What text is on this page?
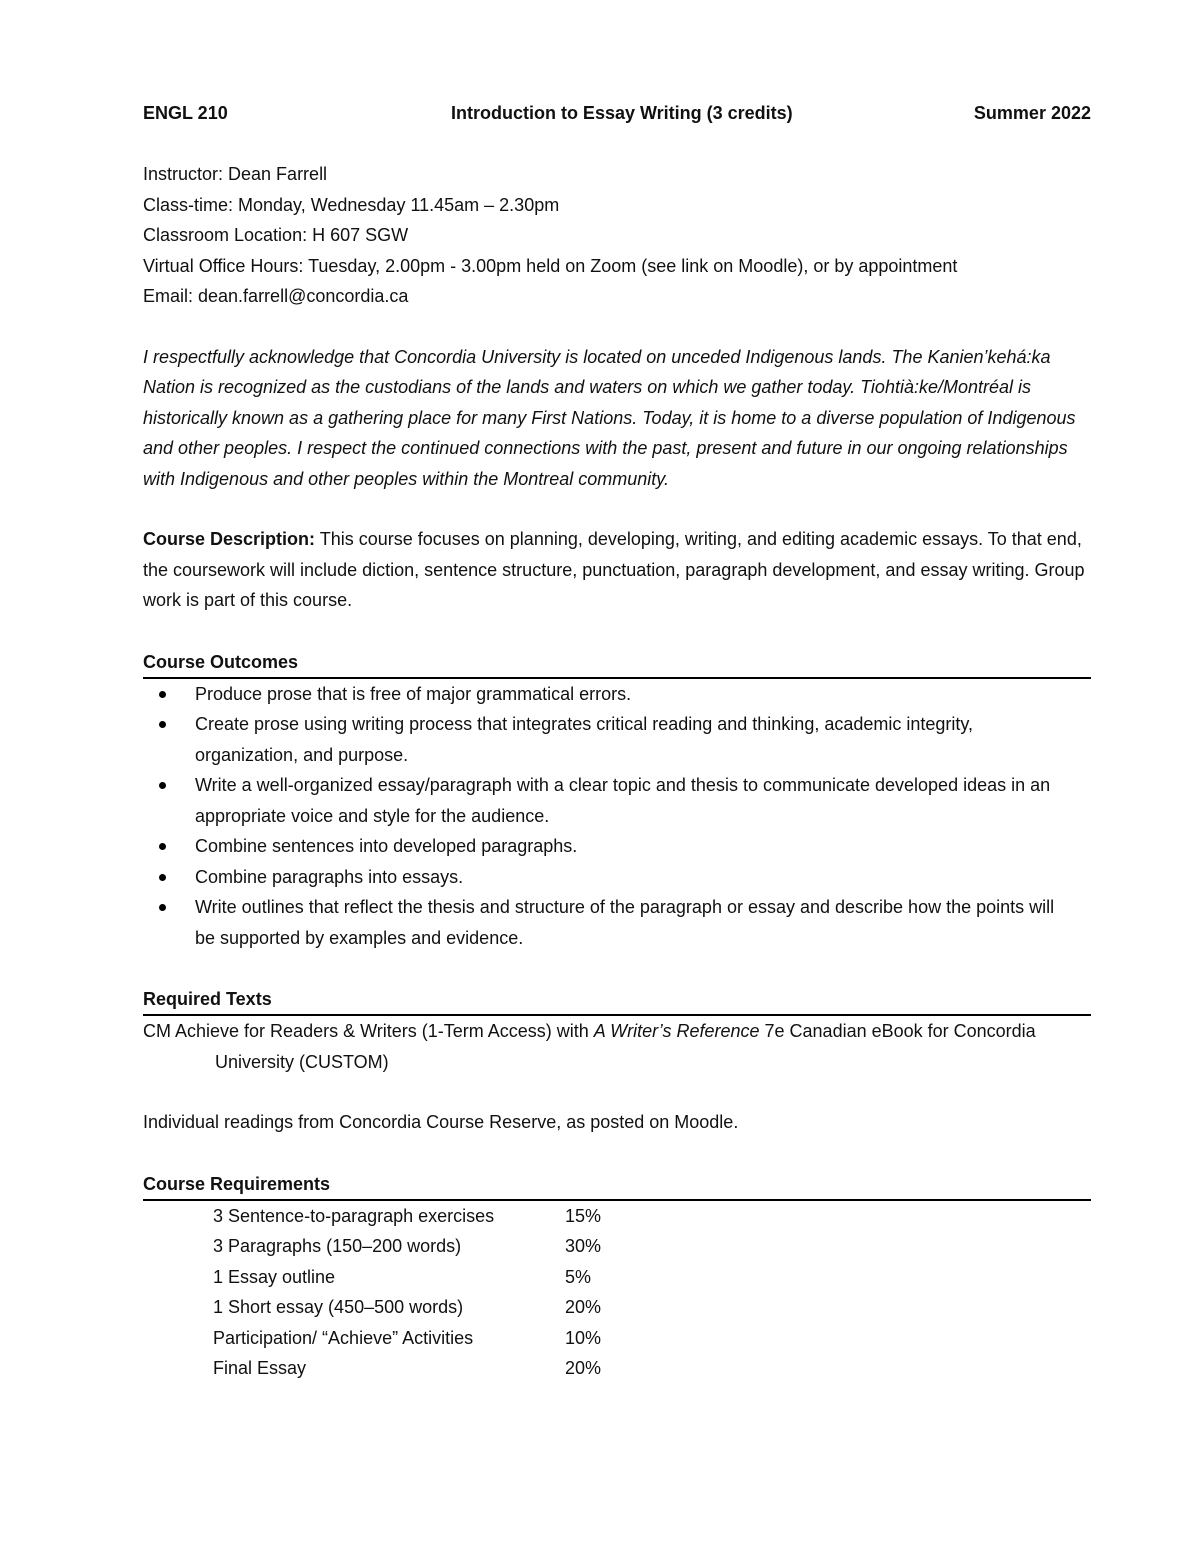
ENGL 210	Introduction to Essay Writing (3 credits)	Summer 2022
Instructor: Dean Farrell
Class-time: Monday, Wednesday 11.45am – 2.30pm
Classroom Location: H 607 SGW
Virtual Office Hours: Tuesday, 2.00pm - 3.00pm held on Zoom (see link on Moodle), or by appointment
Email: dean.farrell@concordia.ca
I respectfully acknowledge that Concordia University is located on unceded Indigenous lands. The Kanien’kehá:ka Nation is recognized as the custodians of the lands and waters on which we gather today. Tiohtià:ke/Montréal is historically known as a gathering place for many First Nations. Today, it is home to a diverse population of Indigenous and other peoples. I respect the continued connections with the past, present and future in our ongoing relationships with Indigenous and other peoples within the Montreal community.
Course Description: This course focuses on planning, developing, writing, and editing academic essays. To that end, the coursework will include diction, sentence structure, punctuation, paragraph development, and essay writing. Group work is part of this course.
Course Outcomes
Produce prose that is free of major grammatical errors.
Create prose using writing process that integrates critical reading and thinking, academic integrity, organization, and purpose.
Write a well-organized essay/paragraph with a clear topic and thesis to communicate developed ideas in an appropriate voice and style for the audience.
Combine sentences into developed paragraphs.
Combine paragraphs into essays.
Write outlines that reflect the thesis and structure of the paragraph or essay and describe how the points will be supported by examples and evidence.
Required Texts
CM Achieve for Readers & Writers (1-Term Access) with A Writer’s Reference 7e Canadian eBook for Concordia University (CUSTOM)
Individual readings from Concordia Course Reserve, as posted on Moodle.
Course Requirements
3 Sentence-to-paragraph exercises	15%
3 Paragraphs (150–200 words)	30%
1 Essay outline	5%
1 Short essay (450–500 words)	20%
Participation/ “Achieve” Activities	10%
Final Essay	20%
